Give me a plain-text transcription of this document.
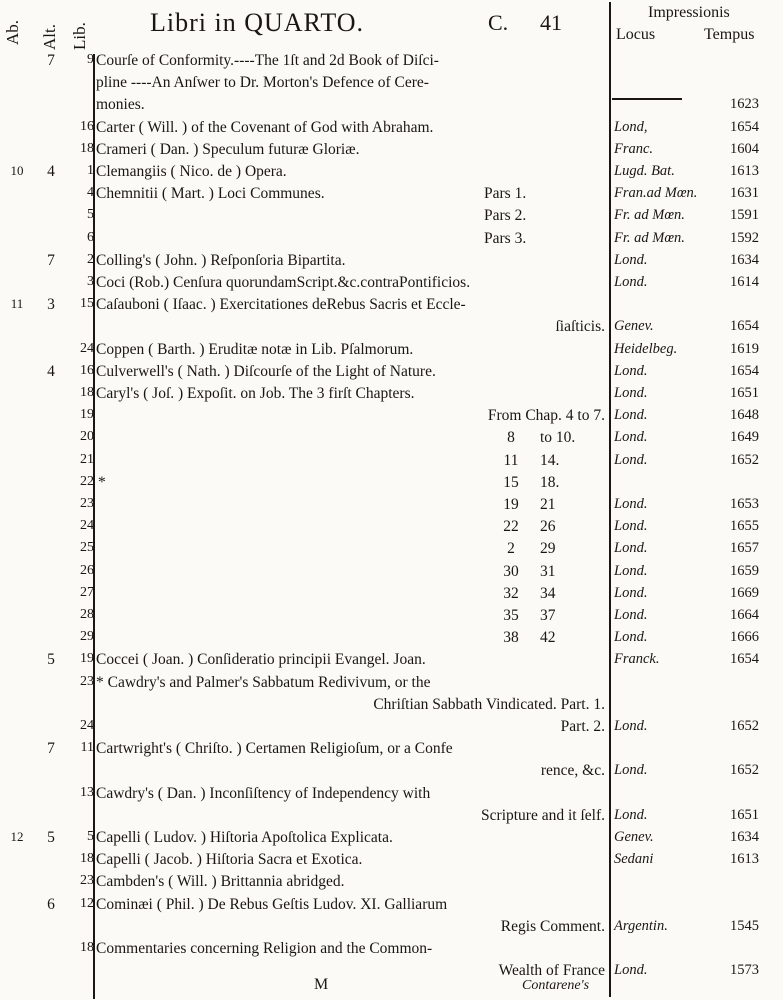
Ab. Alt. Lib. Libri in QUARTO.	C. 41	Impressionis
Locus	Tempus
7	9 Courſe of Conformity.----The 1ſt and 2d Book of Diſci-
pline ----An Anſwer to Dr. Morton's Defence of Cere-
monies.	1623
16 Carter ( Will. ) of the Covenant of God with Abraham.	Lond,	1654
18 Crameri ( Dan. ) Speculum futuræ Gloriæ.	Franc.	1604
10	4	1 Clemangiis ( Nico. de ) Opera.	Lugd. Bat.	1613
4 Chemnitii ( Mart. ) Loci Communes.	Pars 1.	Fran.ad Mœn. 1631
5	Pars 2.	Fr. ad Mœn.	1591
6	Pars 3.	Fr. ad Mœn.	1592
7	2 Colling's ( John. ) Reſponſoria Bipartita.	Lond.	1634
3 Coci (Rob.) Cenſura quorundamScript.&c.contraPontificios.	Lond.	1614
11	3	15 Caſauboni ( Iſaac. ) Exercitationes deRebus Sacris et Eccle-
ſiaſticis. Genev.	1654
24 Coppen ( Barth. ) Eruditæ notæ in Lib. Pſalmorum.	Heidelbeg.	1619
4	16 Culverwell's ( Nath. ) Diſcourſe of the Light of Nature.	Lond.	1654
18 Caryl's ( Joſ. ) Expoſit. on Job. The 3 firſt Chapters.	Lond.	1651
19	From Chap. 4 to 7. Lond.	1648
20	8	to 10.	Lond.	1649
21	11	14.	Lond.	1652
22 *	15	18.
23	19	21	Lond.	1653
24	22	26	Lond.	1655
25	2	29	Lond.	1657
26	30	31	Lond.	1659
27	32	34	Lond.	1669
28	35	37	Lond.	1664
29	38	42	Lond.	1666
5	19 Coccei ( Joan. ) Conſideratio principii Evangel. Joan.	Franck.	1654
23 * Cawdry's and Palmer's Sabbatum Redivivum, or the
Chriſtian Sabbath Vindicated. Part. 1.
24	Part. 2. Lond.	1652
7	11 Cartwright's ( Chriſto. ) Certamen Religioſum, or a Confe
rence, &c. Lond.	1652
13 Cawdry's ( Dan. ) Inconſiſtency of Independency with
Scripture and it ſelf. Lond.	1651
12	5	5 Capelli ( Ludov. ) Hiſtoria Apoſtolica Explicata.	Genev.	1634
18 Capelli ( Jacob. ) Hiſtoria Sacra et Exotica.	Sedani	1613
23 Cambden's ( Will. ) Brittannia abridged.
6	12 Cominæi ( Phil. ) De Rebus Geſtis Ludov. XI. Galliarum
Regis Comment. Argentin.	1545
18 Commentaries concerning Religion and the Common-
Wealth of France Lond.	1573
M	Contarene's
